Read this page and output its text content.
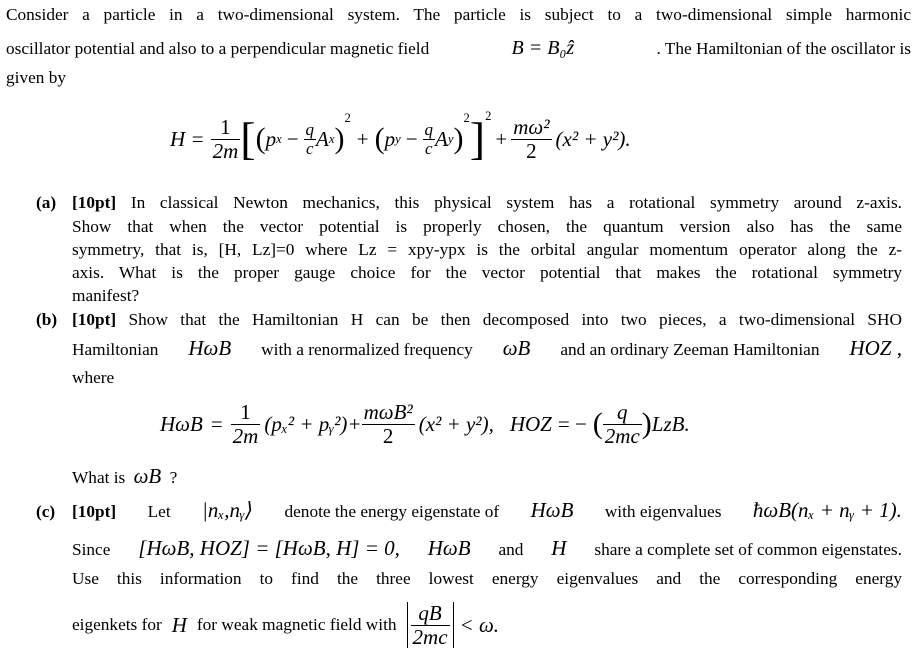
Consider a particle in a two-dimensional system. The particle is subject to a two-dimensional simple harmonic
oscillator potential and also to a perpendicular magnetic field	B = B₀ẑ	. The Hamiltonian of the oscillator is
given by
$H = \frac{1}{2m}$ [ ( p $x - \frac{q}{c}$ A x )
$^2$
+ ( p $y - \frac{q}{c}$ A y )
$^2$ ]$^2$
+ $\frac{\text{mω²}}{2} (x^2 + y^2)$.
(a) [10pt] In classical Newton mechanics, this physical system has a rotational symmetry around z-axis.
Show that when the vector potential is properly chosen, the quantum version also has the same
symmetry, that is, [H, Lz]=0 where Lz = xpy-ypx is the orbital angular momentum operator along the z-
axis. What is the proper gauge choice for the vector potential that makes the rotational symmetry
manifest?
(b) [10pt] Show that the Hamiltonian H can be then decomposed into two pieces, a two-dimensional SHO
Hamiltonian HωB with a renormalized frequency ωB and an ordinary Zeeman Hamiltonian HOZ ,
where
$H\omega B = \frac{1}{2m} (p_x^2$ + pᵧ²)+ $\frac{\text{mωB²}}{2} (x^2 + y^2)$, HOZ = − ( $\frac{q}{2mc}$ ) LzB.
What is ωB ?
(c) [10pt] Let |nₓ,nᵧ⟩ denote the energy eigenstate of HωB with eigenvalues ħωB(nₓ + nᵧ + 1).
Since [HωB, HOZ] = [HωB, H] = 0, HωB and H share a complete set of common eigenstates.
Use this information to find the three lowest energy eigenvalues and the corresponding energy
eigenkets for H for weak magnetic field with $\frac{qB}{2mc} < \omega$.
